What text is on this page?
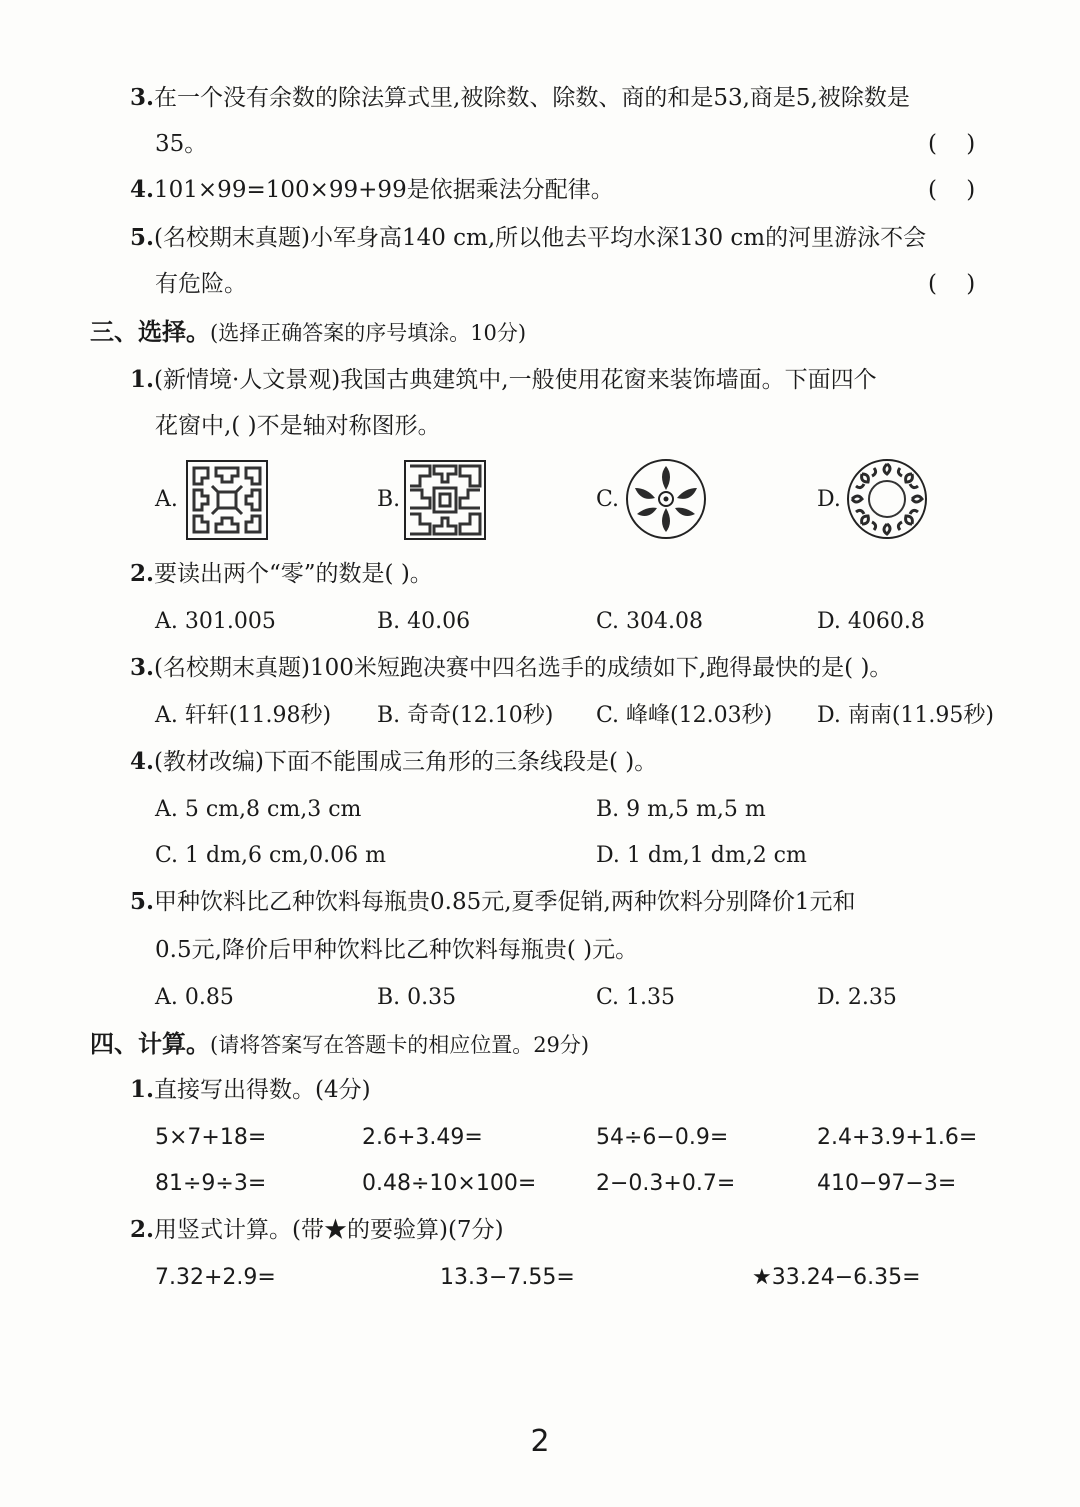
3.在一个没有余数的除法算式里,被除数、除数、商的和是53,商是5,被除数是
35。	(    )
4.101×99=100×99+99是依据乘法分配律。	(    )
5.(名校期末真题)小军身高140 cm,所以他去平均水深130 cm的河里游泳不会
有危险。	(    )
三、选择。(选择正确答案的序号填涂。10分)
1.(新情境·人文景观)我国古典建筑中,一般使用花窗来装饰墙面。下面四个
花窗中,( )不是轴对称图形。
A.	B.	C.	D.
2.要读出两个“零”的数是( )。
A. 301.005	B. 40.06	C. 304.08	D. 4060.8
3.(名校期末真题)100米短跑决赛中四名选手的成绩如下,跑得最快的是( )。
A. 轩轩(11.98秒) B. 奇奇(12.10秒) C. 峰峰(12.03秒) D. 南南(11.95秒)
4.(教材改编)下面不能围成三角形的三条线段是( )。
A. 5 cm,8 cm,3 cm	B. 9 m,5 m,5 m
C. 1 dm,6 cm,0.06 m	D. 1 dm,1 dm,2 cm
5.甲种饮料比乙种饮料每瓶贵0.85元,夏季促销,两种饮料分别降价1元和
0.5元,降价后甲种饮料比乙种饮料每瓶贵( )元。
A. 0.85	B. 0.35	C. 1.35	D. 2.35
四、计算。(请将答案写在答题卡的相应位置。29分)
1.直接写出得数。(4分)
5×7+18=	2.6+3.49=	54÷6−0.9=	2.4+3.9+1.6=
81÷9÷3=	0.48÷10×100=	2−0.3+0.7=	410−97−3=
2.用竖式计算。(带★的要验算)(7分)
7.32+2.9=	13.3−7.55=	★33.24−6.35=
2
